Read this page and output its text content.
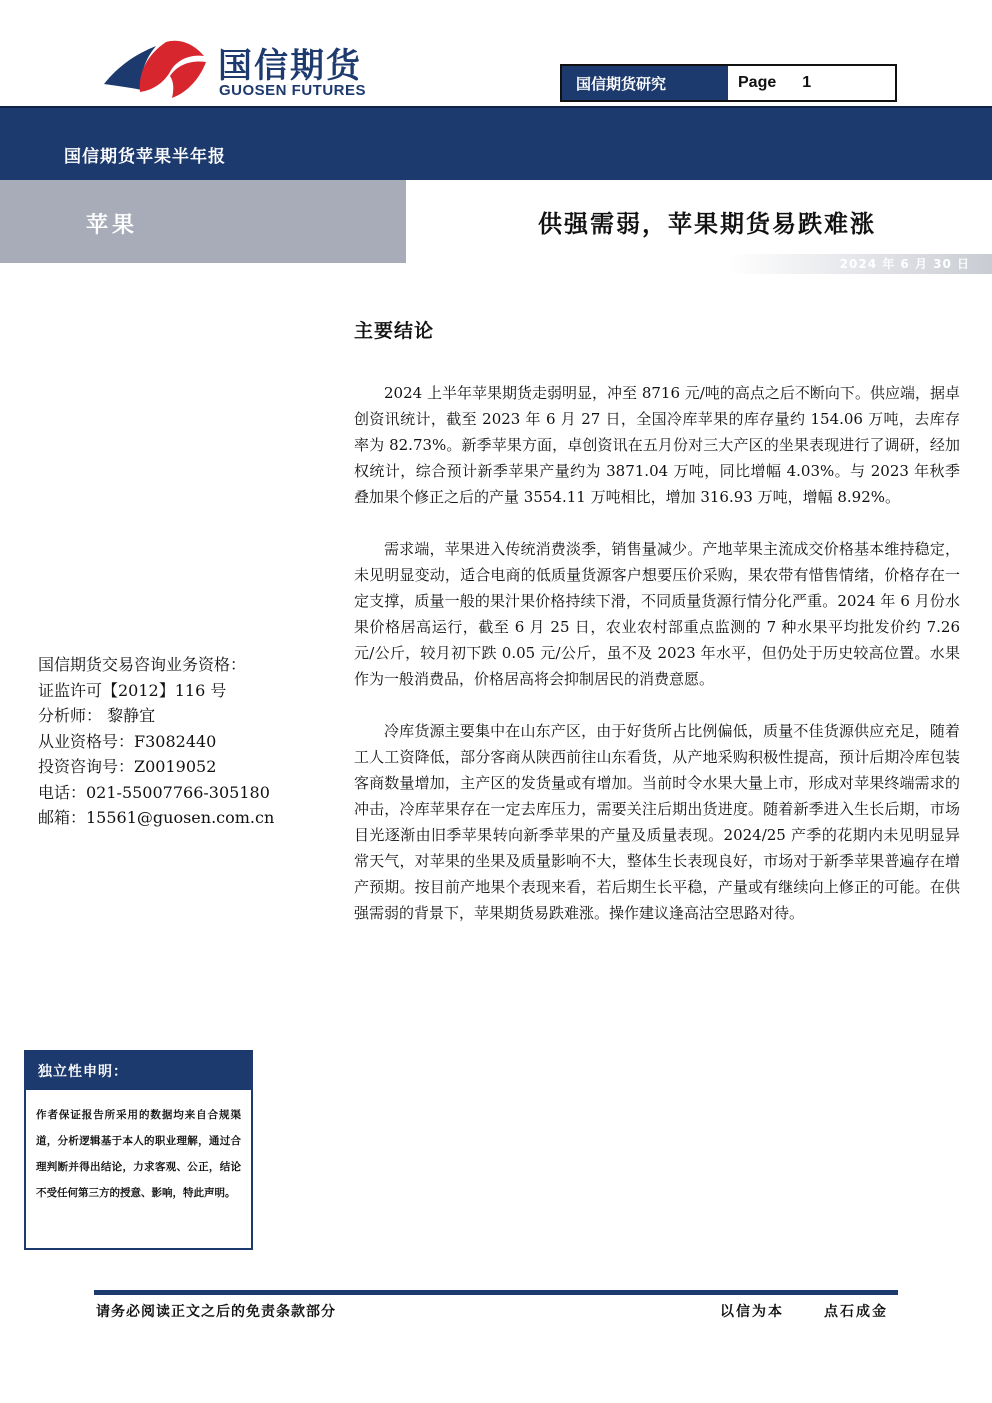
国信期货
GUOSEN FUTURES	国信期货研究	Page 1
国信期货苹果半年报
苹果	供强需弱，苹果期货易跌难涨
2024 年 6 月 30 日
主要结论

2024 上半年苹果期货走弱明显，冲至 8716 元/吨的高点之后不断向下。供应端，据卓创资讯统计，截至 2023 年 6 月 27 日，全国冷库苹果的库存量约 154.06 万吨，去库存率为 82.73%。新季苹果方面，卓创资讯在五月份对三大产区的坐果表现进行了调研，经加权统计，综合预计新季苹果产量约为 3871.04 万吨，同比增幅 4.03%。与 2023 年秋季叠加果个修正之后的产量 3554.11 万吨相比，增加 316.93 万吨，增幅 8.92%。

需求端，苹果进入传统消费淡季，销售量减少。产地苹果主流成交价格基本维持稳定，未见明显变动，适合电商的低质量货源客户想要压价采购，果农带有惜售情绪，价格存在一定支撑，质量一般的果汁果价格持续下滑，不同质量货源行情分化严重。2024 年 6 月份水果价格居高运行，截至 6 月 25 日，农业农村部重点监测的 7 种水果平均批发价约 7.26 元/公斤，较月初下跌 0.05 元/公斤，虽不及 2023 年水平，但仍处于历史较高位置。水果作为一般消费品，价格居高将会抑制居民的消费意愿。

冷库货源主要集中在山东产区，由于好货所占比例偏低，质量不佳货源供应充足，随着工人工资降低，部分客商从陕西前往山东看货，从产地采购积极性提高，预计后期冷库包装客商数量增加，主产区的发货量或有增加。当前时令水果大量上市，形成对苹果终端需求的冲击，冷库苹果存在一定去库压力，需要关注后期出货进度。随着新季进入生长后期，市场目光逐渐由旧季苹果转向新季苹果的产量及质量表现。2024/25 产季的花期内未见明显异常天气，对苹果的坐果及质量影响不大，整体生长表现良好，市场对于新季苹果普遍存在增产预期。按目前产地果个表现来看，若后期生长平稳，产量或有继续向上修正的可能。在供强需弱的背景下，苹果期货易跌难涨。操作建议逢高沽空思路对待。

国信期货交易咨询业务资格：
证监许可【2012】116 号
分析师： 黎静宜
从业资格号：F3082440
投资咨询号：Z0019052
电话：021-55007766-305180
邮箱：15561@guosen.com.cn
独立性申明：
作者保证报告所采用的数据均来自合规渠道，分析逻辑基于本人的职业理解，通过合理判断并得出结论，力求客观、公正，结论不受任何第三方的授意、影响，特此声明。
请务必阅读正文之后的免责条款部分	以信为本	点石成金
